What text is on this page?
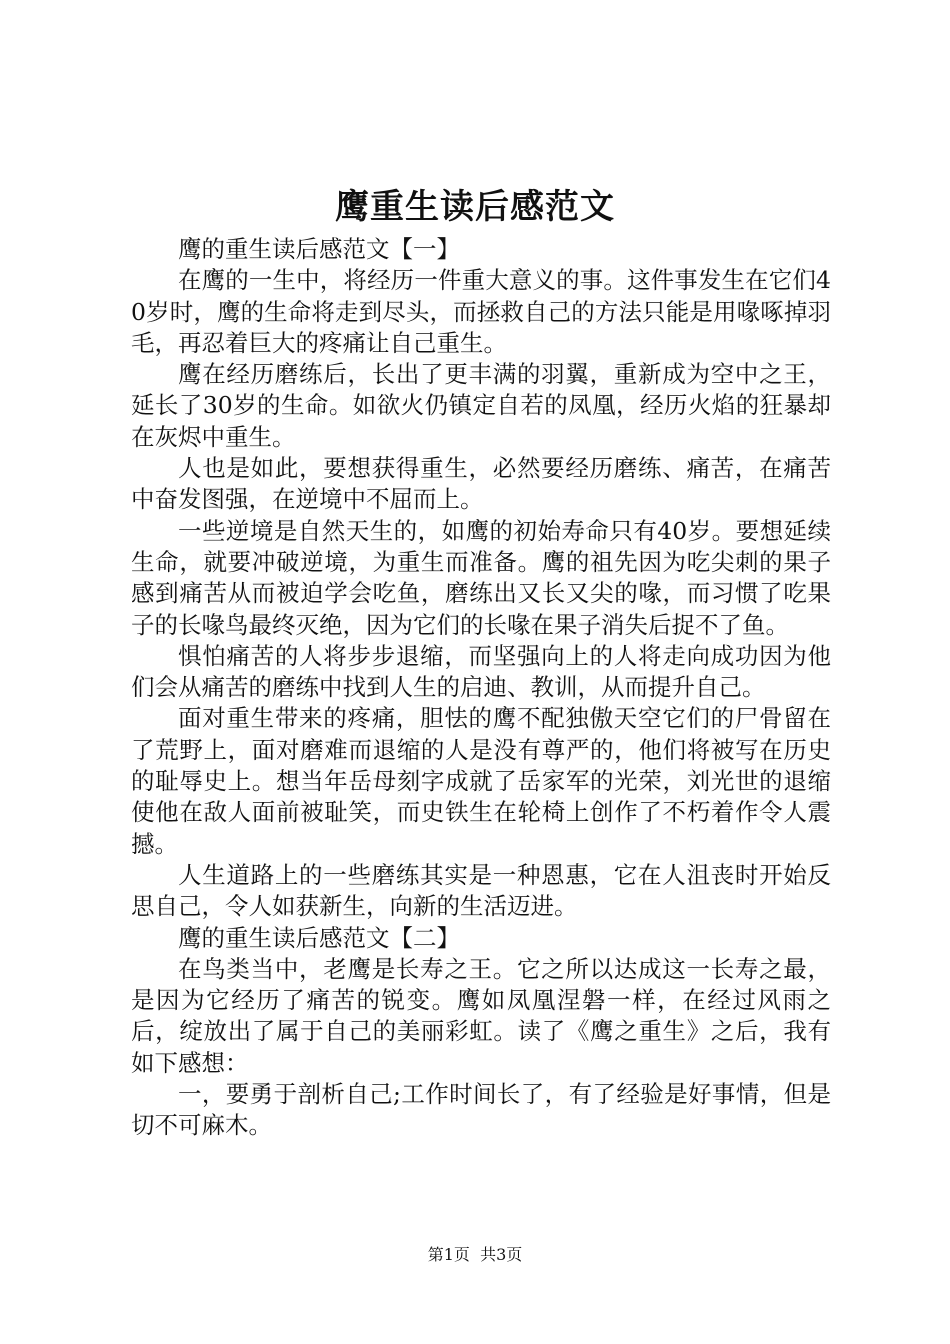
鹰重生读后感范文

鹰的重生读后感范文【一】

在鹰的一生中，将经历一件重大意义的事。这件事发生在它们40岁时，鹰的生命将走到尽头，而拯救自己的方法只能是用喙啄掉羽毛，再忍着巨大的疼痛让自己重生。

鹰在经历磨练后，长出了更丰满的羽翼，重新成为空中之王，延长了30岁的生命。如欲火仍镇定自若的凤凰，经历火焰的狂暴却在灰烬中重生。

人也是如此，要想获得重生，必然要经历磨练、痛苦，在痛苦中奋发图强，在逆境中不屈而上。

一些逆境是自然天生的，如鹰的初始寿命只有40岁。要想延续生命，就要冲破逆境，为重生而准备。鹰的祖先因为吃尖刺的果子感到痛苦从而被迫学会吃鱼，磨练出又长又尖的喙，而习惯了吃果子的长喙鸟最终灭绝，因为它们的长喙在果子消失后捉不了鱼。

惧怕痛苦的人将步步退缩，而坚强向上的人将走向成功因为他们会从痛苦的磨练中找到人生的启迪、教训，从而提升自己。

面对重生带来的疼痛，胆怯的鹰不配独傲天空它们的尸骨留在了荒野上，面对磨难而退缩的人是没有尊严的，他们将被写在历史的耻辱史上。想当年岳母刻字成就了岳家军的光荣，刘光世的退缩使他在敌人面前被耻笑，而史铁生在轮椅上创作了不朽着作令人震撼。

人生道路上的一些磨练其实是一种恩惠，它在人沮丧时开始反思自己，令人如获新生，向新的生活迈进。

鹰的重生读后感范文【二】

在鸟类当中，老鹰是长寿之王。它之所以达成这一长寿之最，是因为它经历了痛苦的锐变。鹰如凤凰涅磐一样，在经过风雨之后，绽放出了属于自己的美丽彩虹。读了《鹰之重生》之后，我有如下感想：

一，要勇于剖析自己;工作时间长了，有了经验是好事情，但是切不可麻木。

第1页  共3页
